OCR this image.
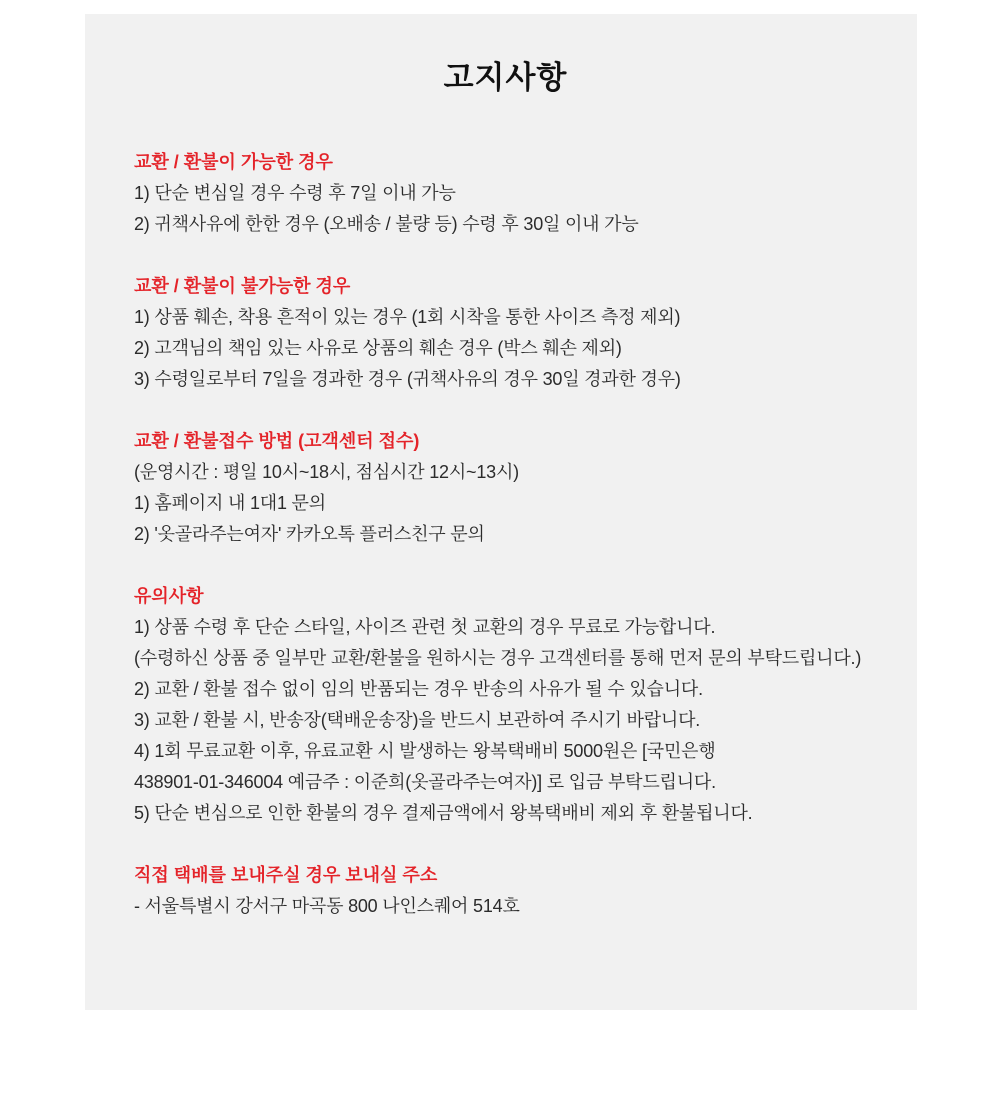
고지사항

교환 / 환불이 가능한 경우

1) 단순 변심일 경우 수령 후 7일 이내 가능

2) 귀책사유에 한한 경우 (오배송 / 불량 등) 수령 후 30일 이내 가능

교환 / 환불이 불가능한 경우

1) 상품 훼손, 착용 흔적이 있는 경우 (1회 시착을 통한 사이즈 측정 제외)

2) 고객님의 책임 있는 사유로 상품의 훼손 경우 (박스 훼손 제외)

3) 수령일로부터 7일을 경과한 경우 (귀책사유의 경우 30일 경과한 경우)

교환 / 환불접수 방법 (고객센터 접수)

(운영시간 : 평일 10시~18시, 점심시간 12시~13시)

1) 홈페이지 내 1대1 문의

2) '옷골라주는여자' 카카오톡 플러스친구 문의

유의사항

1) 상품 수령 후 단순 스타일, 사이즈 관련 첫 교환의 경우 무료로 가능합니다.

(수령하신 상품 중 일부만 교환/환불을 원하시는 경우 고객센터를 통해 먼저 문의 부탁드립니다.)

2) 교환 / 환불 접수 없이 임의 반품되는 경우 반송의 사유가 될 수 있습니다.

3) 교환 / 환불 시, 반송장(택배운송장)을 반드시 보관하여 주시기 바랍니다.

4) 1회 무료교환 이후, 유료교환 시 발생하는 왕복택배비 5000원은 [국민은행

438901-01-346004 예금주 : 이준희(옷골라주는여자)] 로 입금 부탁드립니다.

5) 단순 변심으로 인한 환불의 경우 결제금액에서 왕복택배비 제외 후 환불됩니다.

직접 택배를 보내주실 경우 보내실 주소

- 서울특별시 강서구 마곡동 800 나인스퀘어 514호
